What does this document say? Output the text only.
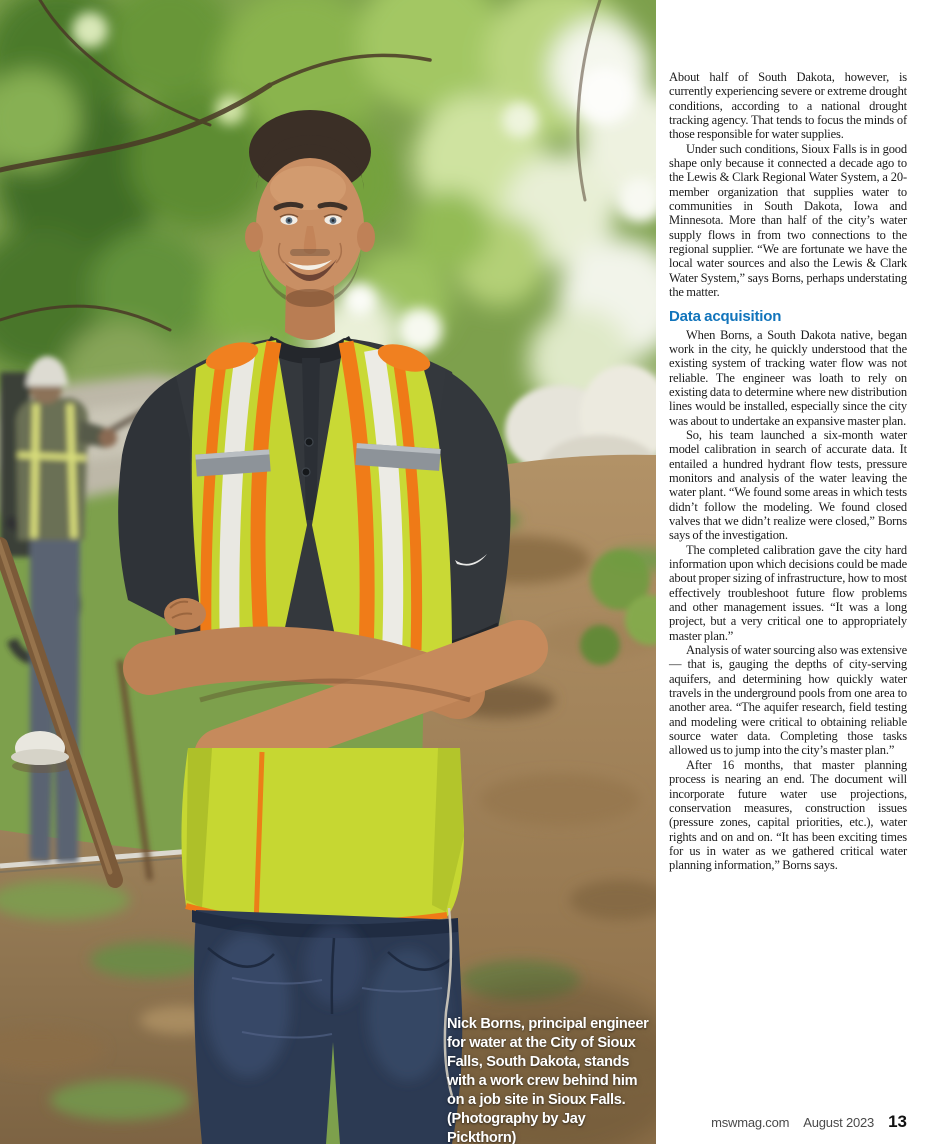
Nick Borns, principal engineer
for water at the City of Sioux
Falls, South Dakota, stands
with a work crew behind him
on a job site in Sioux Falls.
(Photography by Jay Pickthorn)

About half of South Dakota, however, is currently experiencing severe or extreme drought conditions, according to a national drought tracking agency. That tends to focus the minds of those responsible for water supplies.

Under such conditions, Sioux Falls is in good shape only because it connected a decade ago to the Lewis & Clark Regional Water System, a 20-member organization that supplies water to communities in South Dakota, Iowa and Minnesota. More than half of the city’s water supply flows in from two connections to the regional supplier. “We are fortunate we have the local water sources and also the Lewis & Clark Water System,” says Borns, perhaps understating the matter.

Data acquisition

When Borns, a South Dakota native, began work in the city, he quickly understood that the existing system of tracking water flow was not reliable. The engineer was loath to rely on existing data to determine where new distribution lines would be installed, especially since the city was about to undertake an expansive master plan.

So, his team launched a six-month water model calibration in search of accurate data. It entailed a hundred hydrant flow tests, pressure monitors and analysis of the water leaving the water plant. “We found some areas in which tests didn’t follow the modeling. We found closed valves that we didn’t realize were closed,” Borns says of the investigation.

The completed calibration gave the city hard information upon which decisions could be made about proper sizing of infrastructure, how to most effectively troubleshoot future flow problems and other management issues. “It was a long project, but a very critical one to appropriately master plan.”

Analysis of water sourcing also was extensive — that is, gauging the depths of city-serving aquifers, and determining how quickly water travels in the underground pools from one area to another area. “The aquifer research, field testing and modeling were critical to obtaining reliable source water data. Completing those tasks allowed us to jump into the city’s master plan.”

After 16 months, that master planning process is nearing an end. The document will incorporate future water use projections, conservation measures, construction issues (pressure zones, capital priorities, etc.), water rights and on and on. “It has been exciting times for us in water as we gathered critical water planning information,” Borns says.

mswmag.com August 2023 13
